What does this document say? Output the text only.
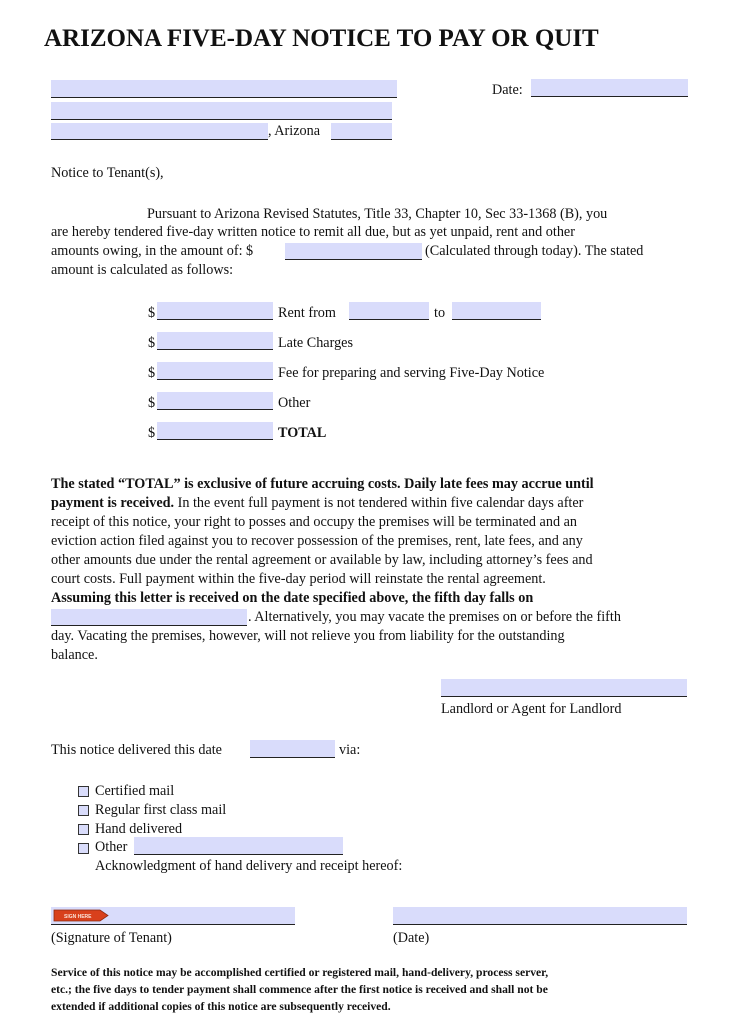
ARIZONA FIVE-DAY NOTICE TO PAY OR QUIT
, Arizona
Date:
Notice to Tenant(s),
Pursuant to Arizona Revised Statutes, Title 33, Chapter 10, Sec 33-1368 (B), you
are hereby tendered five-day written notice to remit all due, but as yet unpaid, rent and other
amounts owing, in the amount of: $	(Calculated through today). The stated
amount is calculated as follows:
$	Rent from	to
$	Late Charges
$	Fee for preparing and serving Five-Day Notice
$	Other
$	TOTAL
The stated “TOTAL” is exclusive of future accruing costs. Daily late fees may accrue until
payment is received. In the event full payment is not tendered within five calendar days after
receipt of this notice, your right to posses and occupy the premises will be terminated and an
eviction action filed against you to recover possession of the premises, rent, late fees, and any
other amounts due under the rental agreement or available by law, including attorney’s fees and
court costs. Full payment within the five-day period will reinstate the rental agreement.
Assuming this letter is received on the date specified above, the fifth day falls on
. Alternatively, you may vacate the premises on or before the fifth
day. Vacating the premises, however, will not relieve you from liability for the outstanding
balance.
Landlord or Agent for Landlord
This notice delivered this date	via:
Certified mail
Regular first class mail
Hand delivered
Other
Acknowledgment of hand delivery and receipt hereof:
SIGN HERE
(Signature of Tenant)	(Date)
Service of this notice may be accomplished certified or registered mail, hand-delivery, process server,
etc.; the five days to tender payment shall commence after the first notice is received and shall not be
extended if additional copies of this notice are subsequently received.
